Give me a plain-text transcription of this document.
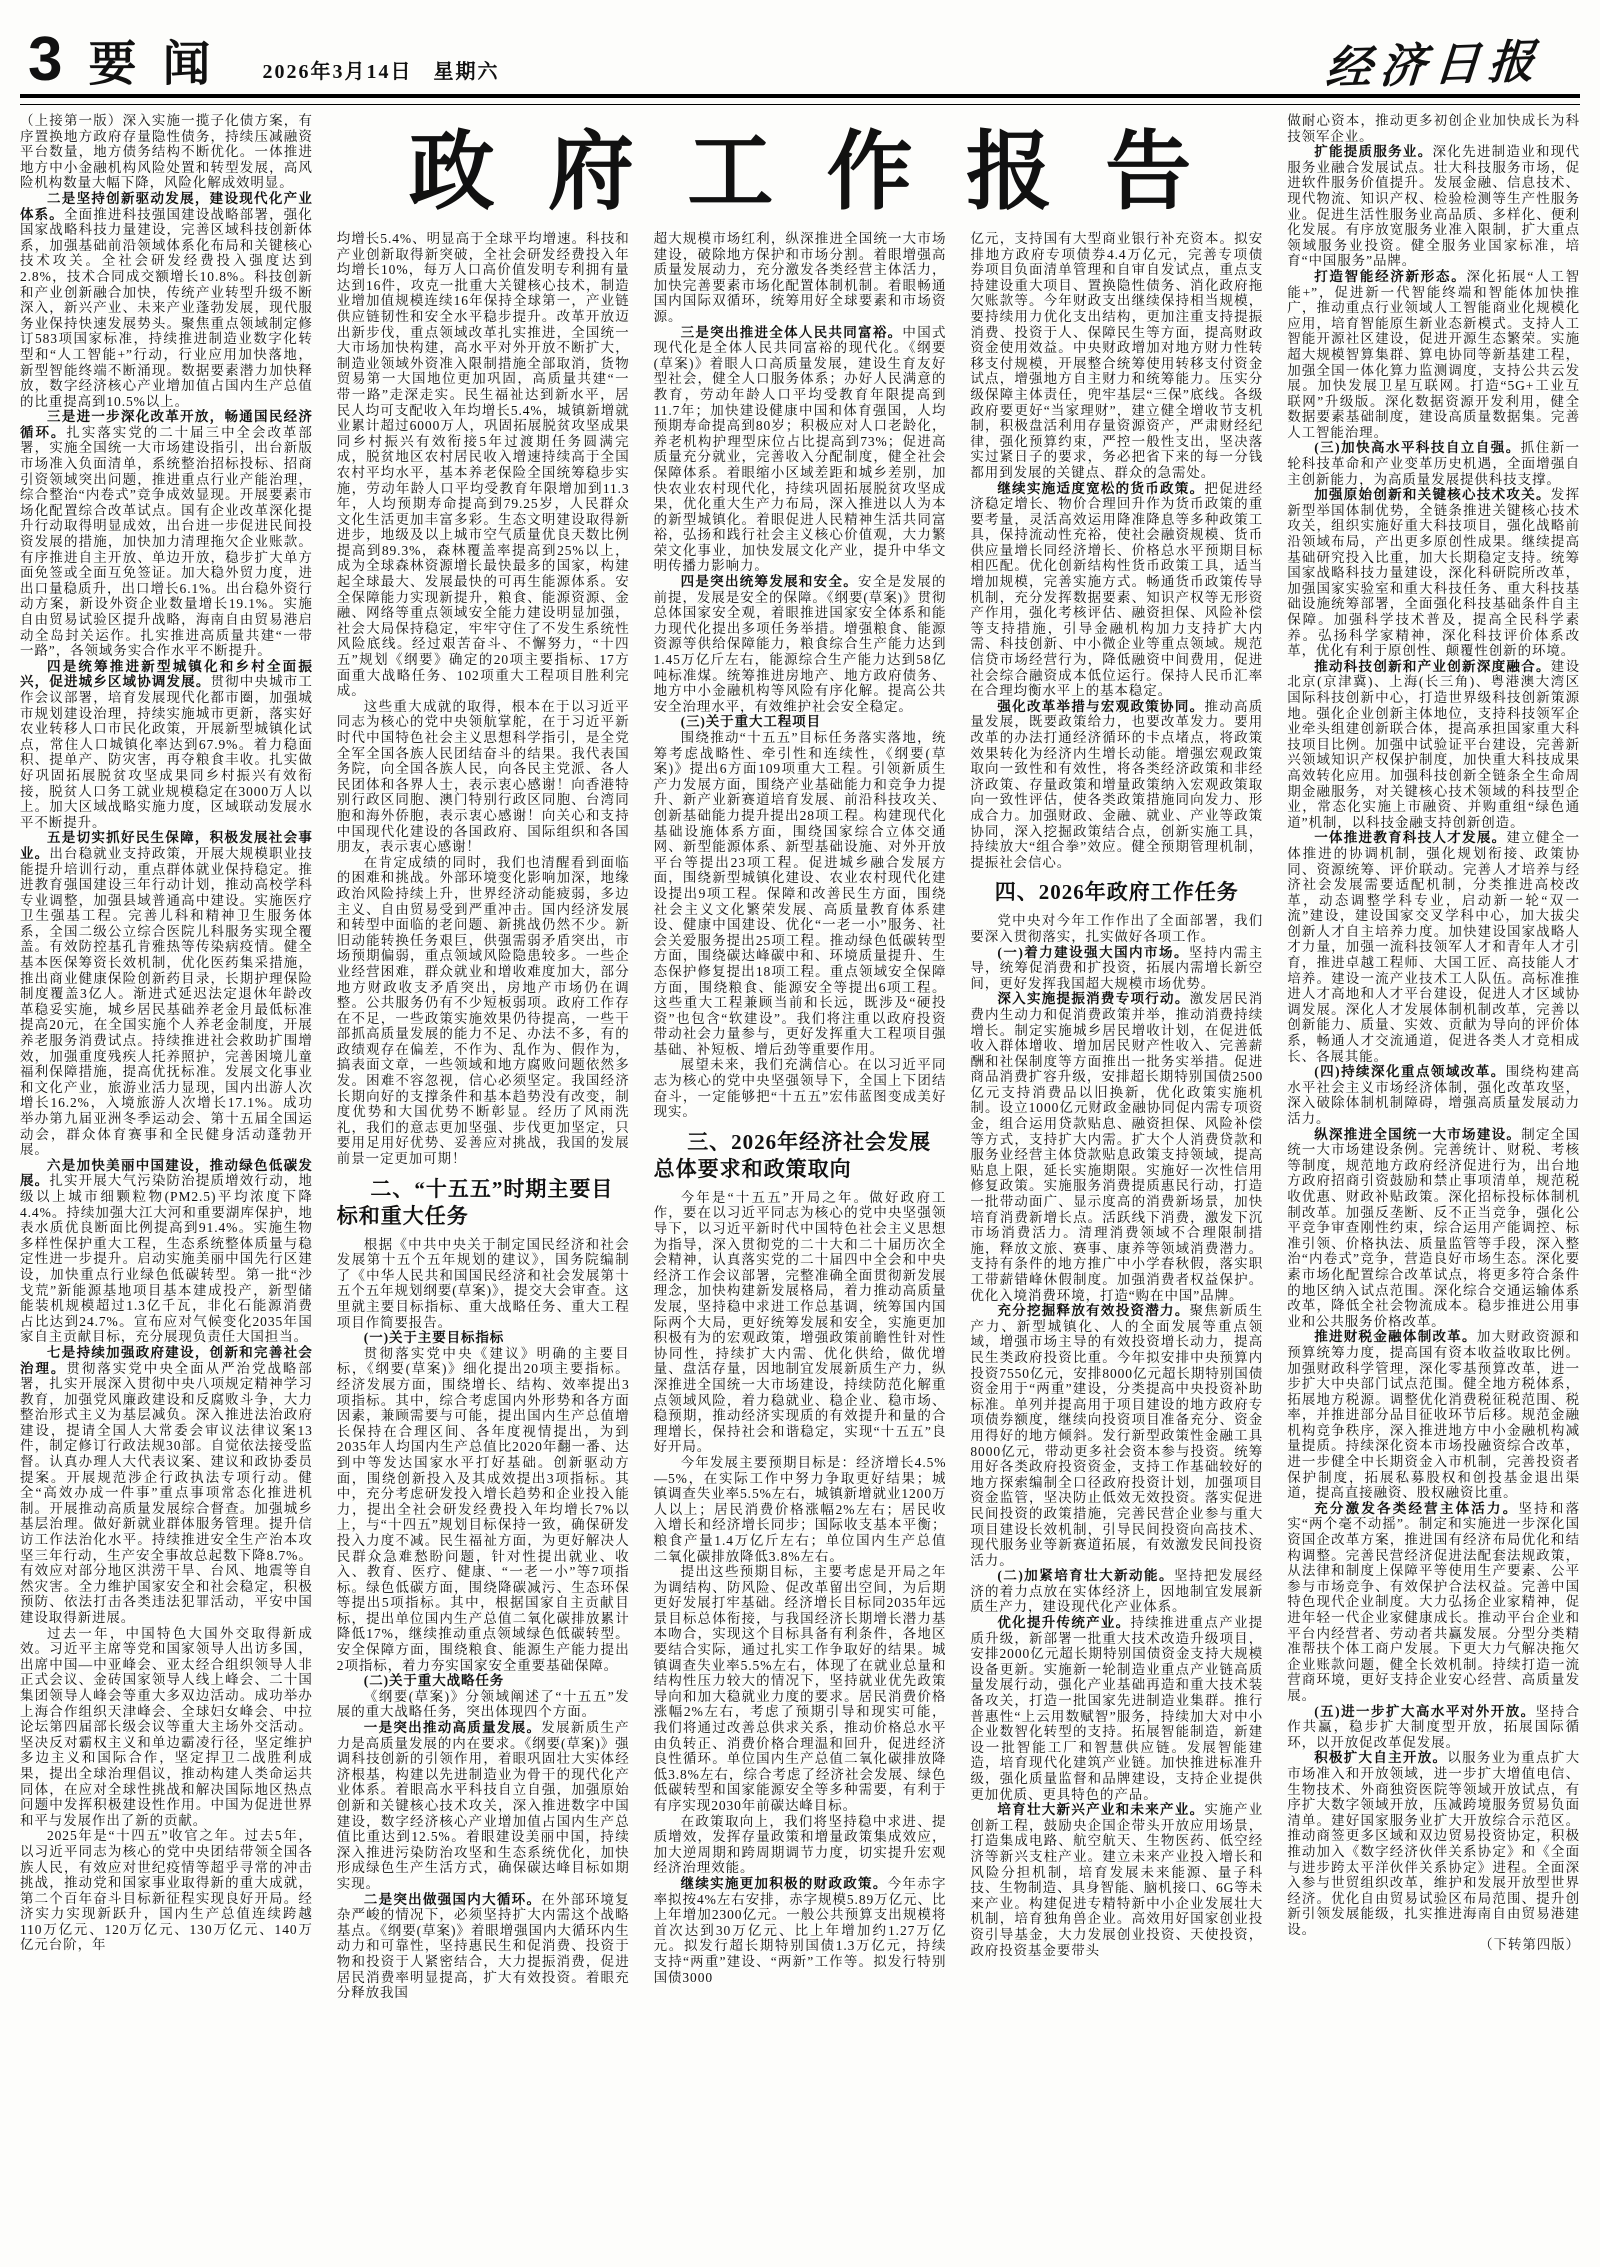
3 要闻 2026年3月14日 星期六	经济日报

（上接第一版）深入实施一揽子化债方案，有序置换地方政府存量隐性债务，持续压减融资平台数量，地方债务结构不断优化。一体推进地方中小金融机构风险处置和转型发展，高风险机构数量大幅下降，风险化解成效明显。

二是坚持创新驱动发展，建设现代化产业体系。全面推进科技强国建设战略部署，强化国家战略科技力量建设，完善区域科技创新体系，加强基础前沿领域体系化布局和关键核心技术攻关。全社会研发经费投入强度达到2.8%，技术合同成交额增长10.8%。科技创新和产业创新融合加快，传统产业转型升级不断深入，新兴产业、未来产业蓬勃发展，现代服务业保持快速发展势头。聚焦重点领域制定修订583项国家标准，持续推进制造业数字化转型和“人工智能+”行动，行业应用加快落地，新型智能终端不断涌现。数据要素潜力加快释放，数字经济核心产业增加值占国内生产总值的比重提高到10.5%以上。

三是进一步深化改革开放，畅通国民经济循环。扎实落实党的二十届三中全会改革部署，实施全国统一大市场建设指引，出台新版市场准入负面清单，系统整治招标投标、招商引资领域突出问题，推进重点行业产能治理，综合整治“内卷式”竞争成效显现。开展要素市场化配置综合改革试点。国有企业改革深化提升行动取得明显成效，出台进一步促进民间投资发展的措施，加快加力清理拖欠企业账款。有序推进自主开放、单边开放，稳步扩大单方面免签或全面互免签证。加大稳外贸力度，进出口量稳质升，出口增长6.1%。出台稳外资行动方案，新设外资企业数量增长19.1%。实施自由贸易试验区提升战略，海南自由贸易港启动全岛封关运作。扎实推进高质量共建“一带一路”，各领域务实合作水平不断提升。

四是统筹推进新型城镇化和乡村全面振兴，促进城乡区域协调发展。贯彻中央城市工作会议部署，培育发展现代化都市圈，加强城市规划建设治理，持续实施城市更新，落实好农业转移人口市民化政策，开展新型城镇化试点，常住人口城镇化率达到67.9%。着力稳面积、提单产、防灾害，再夺粮食丰收。扎实做好巩固拓展脱贫攻坚成果同乡村振兴有效衔接，脱贫人口务工就业规模稳定在3000万人以上。加大区域战略实施力度，区域联动发展水平不断提升。

五是切实抓好民生保障，积极发展社会事业。出台稳就业支持政策，开展大规模职业技能提升培训行动，重点群体就业保持稳定。推进教育强国建设三年行动计划，推动高校学科专业调整，加强县域普通高中建设。实施医疗卫生强基工程。完善儿科和精神卫生服务体系，全国二级公立综合医院儿科服务实现全覆盖。有效防控基孔肯雅热等传染病疫情。健全基本医保筹资长效机制，优化医药集采措施，推出商业健康保险创新药目录，长期护理保险制度覆盖3亿人。渐进式延迟法定退休年龄改革稳妥实施，城乡居民基础养老金月最低标准提高20元，在全国实施个人养老金制度，开展养老服务消费试点。持续推进社会救助扩围增效，加强重度残疾人托养照护，完善困境儿童福利保障措施，提高优抚标准。发展文化事业和文化产业，旅游业活力显现，国内出游人次增长16.2%，入境旅游人次增长17.1%。成功举办第九届亚洲冬季运动会、第十五届全国运动会，群众体育赛事和全民健身活动蓬勃开展。

六是加快美丽中国建设，推动绿色低碳发展。扎实开展大气污染防治提质增效行动，地级以上城市细颗粒物(PM2.5)平均浓度下降4.4%。持续加强大江大河和重要湖库保护，地表水质优良断面比例提高到91.4%。实施生物多样性保护重大工程，生态系统整体质量与稳定性进一步提升。启动实施美丽中国先行区建设，加快重点行业绿色低碳转型。第一批“沙戈荒”新能源基地项目基本建成投产，新型储能装机规模超过1.3亿千瓦，非化石能源消费占比达到24.7%。宣布应对气候变化2035年国家自主贡献目标，充分展现负责任大国担当。

七是持续加强政府建设，创新和完善社会治理。贯彻落实党中央全面从严治党战略部署，扎实开展深入贯彻中央八项规定精神学习教育，加强党风廉政建设和反腐败斗争，大力整治形式主义为基层减负。深入推进法治政府建设，提请全国人大常委会审议法律议案13件，制定修订行政法规30部。自觉依法接受监督。认真办理人大代表议案、建议和政协委员提案。开展规范涉企行政执法专项行动。健全“高效办成一件事”重点事项常态化推进机制。开展推动高质量发展综合督查。加强城乡基层治理。做好新就业群体服务管理。提升信访工作法治化水平。持续推进安全生产治本攻坚三年行动，生产安全事故总起数下降8.7%。有效应对部分地区洪涝干旱、台风、地震等自然灾害。全力维护国家安全和社会稳定，积极预防、依法打击各类违法犯罪活动，平安中国建设取得新进展。

过去一年，中国特色大国外交取得新成效。习近平主席等党和国家领导人出访多国，出席中国—中亚峰会、亚太经合组织领导人非正式会议、金砖国家领导人线上峰会、二十国集团领导人峰会等重大多双边活动。成功举办上海合作组织天津峰会、全球妇女峰会、中拉论坛第四届部长级会议等重大主场外交活动。坚决反对霸权主义和单边霸凌行径，坚定维护多边主义和国际合作，坚定捍卫二战胜利成果，提出全球治理倡议，推动构建人类命运共同体，在应对全球性挑战和解决国际地区热点问题中发挥积极建设性作用。中国为促进世界和平与发展作出了新的贡献。

2025年是“十四五”收官之年。过去5年，以习近平同志为核心的党中央团结带领全国各族人民，有效应对世纪疫情等超乎寻常的冲击挑战，推动党和国家事业取得新的重大成就，第二个百年奋斗目标新征程实现良好开局。经济实力实现新跃升，国内生产总值连续跨越110万亿元、120万亿元、130万亿元、140万亿元台阶，年

政府工作报告

均增长5.4%、明显高于全球平均增速。科技和产业创新取得新突破，全社会研发经费投入年均增长10%，每万人口高价值发明专利拥有量达到16件，攻克一批重大关键核心技术，制造业增加值规模连续16年保持全球第一，产业链供应链韧性和安全水平稳步提升。改革开放迈出新步伐，重点领域改革扎实推进，全国统一大市场加快构建，高水平对外开放不断扩大，制造业领域外资准入限制措施全部取消，货物贸易第一大国地位更加巩固，高质量共建“一带一路”走深走实。民生福祉达到新水平，居民人均可支配收入年均增长5.4%，城镇新增就业累计超过6000万人，巩固拓展脱贫攻坚成果同乡村振兴有效衔接5年过渡期任务圆满完成，脱贫地区农村居民收入增速持续高于全国农村平均水平，基本养老保险全国统筹稳步实施，劳动年龄人口平均受教育年限增加到11.3年，人均预期寿命提高到79.25岁，人民群众文化生活更加丰富多彩。生态文明建设取得新进步，地级及以上城市空气质量优良天数比例提高到89.3%，森林覆盖率提高到25%以上，成为全球森林资源增长最快最多的国家，构建起全球最大、发展最快的可再生能源体系。安全保障能力实现新提升，粮食、能源资源、金融、网络等重点领域安全能力建设明显加强，社会大局保持稳定，牢牢守住了不发生系统性风险底线。经过艰苦奋斗、不懈努力，“十四五”规划《纲要》确定的20项主要指标、17方面重大战略任务、102项重大工程项目胜利完成。

这些重大成就的取得，根本在于以习近平同志为核心的党中央领航掌舵，在于习近平新时代中国特色社会主义思想科学指引，是全党全军全国各族人民团结奋斗的结果。我代表国务院，向全国各族人民，向各民主党派、各人民团体和各界人士，表示衷心感谢！向香港特别行政区同胞、澳门特别行政区同胞、台湾同胞和海外侨胞，表示衷心感谢！向关心和支持中国现代化建设的各国政府、国际组织和各国朋友，表示衷心感谢！

在肯定成绩的同时，我们也清醒看到面临的困难和挑战。外部环境变化影响加深，地缘政治风险持续上升，世界经济动能疲弱，多边主义、自由贸易受到严重冲击。国内经济发展和转型中面临的老问题、新挑战仍然不少。新旧动能转换任务艰巨，供强需弱矛盾突出，市场预期偏弱，重点领域风险隐患较多。一些企业经营困难，群众就业和增收难度加大，部分地方财政收支矛盾突出，房地产市场仍在调整。公共服务仍有不少短板弱项。政府工作存在不足，一些政策实施效果仍待提高，一些干部抓高质量发展的能力不足、办法不多，有的政绩观存在偏差，不作为、乱作为、假作为，搞表面文章，一些领域和地方腐败问题依然多发。困难不容忽视，信心必须坚定。我国经济长期向好的支撑条件和基本趋势没有改变，制度优势和大国优势不断彰显。经历了风雨洗礼，我们的意志更加坚强、步伐更加坚定，只要用足用好优势、妥善应对挑战，我国的发展前景一定更加可期！

二、“十五五”时期主要目标和重大任务

根据《中共中央关于制定国民经济和社会发展第十五个五年规划的建议》，国务院编制了《中华人民共和国国民经济和社会发展第十五个五年规划纲要(草案)》，提交大会审查。这里就主要目标指标、重大战略任务、重大工程项目作简要报告。

(一)关于主要目标指标

贯彻落实党中央《建议》明确的主要目标，《纲要(草案)》细化提出20项主要指标。经济发展方面，围绕增长、结构、效率提出3项指标。其中，综合考虑国内外形势和各方面因素，兼顾需要与可能，提出国内生产总值增长保持在合理区间、各年度视情提出，为到2035年人均国内生产总值比2020年翻一番、达到中等发达国家水平打好基础。创新驱动方面，围绕创新投入及其成效提出3项指标。其中，充分考虑研发投入增长趋势和企业投入能力，提出全社会研发经费投入年均增长7%以上，与“十四五”规划目标保持一致，确保研发投入力度不减。民生福祉方面，为更好解决人民群众急难愁盼问题，针对性提出就业、收入、教育、医疗、健康、“一老一小”等7项指标。绿色低碳方面，围绕降碳减污、生态环保等提出5项指标。其中，根据国家自主贡献目标，提出单位国内生产总值二氧化碳排放累计降低17%，继续推动重点领域绿色低碳转型。安全保障方面，围绕粮食、能源生产能力提出2项指标，着力夯实国家安全重要基础保障。

(二)关于重大战略任务

《纲要(草案)》分领域阐述了“十五五”发展的重大战略任务，突出体现四个方面。

一是突出推动高质量发展。发展新质生产力是高质量发展的内在要求。《纲要(草案)》强调科技创新的引领作用，着眼巩固壮大实体经济根基，构建以先进制造业为骨干的现代化产业体系。着眼高水平科技自立自强，加强原始创新和关键核心技术攻关，深入推进数字中国建设，数字经济核心产业增加值占国内生产总值比重达到12.5%。着眼建设美丽中国，持续深入推进污染防治攻坚和生态系统优化，加快形成绿色生产生活方式，确保碳达峰目标如期实现。

二是突出做强国内大循环。在外部环境复杂严峻的情况下，必须坚持扩大内需这个战略基点。《纲要(草案)》着眼增强国内大循环内生动力和可靠性，坚持惠民生和促消费、投资于物和投资于人紧密结合，大力提振消费，促进居民消费率明显提高，扩大有效投资。着眼充分释放我国

超大规模市场红利，纵深推进全国统一大市场建设，破除地方保护和市场分割。着眼增强高质量发展动力，充分激发各类经营主体活力，加快完善要素市场化配置体制机制。着眼畅通国内国际双循环，统筹用好全球要素和市场资源。

三是突出推进全体人民共同富裕。中国式现代化是全体人民共同富裕的现代化。《纲要(草案)》着眼人口高质量发展，建设生育友好型社会，健全人口服务体系；办好人民满意的教育，劳动年龄人口平均受教育年限提高到11.7年；加快建设健康中国和体育强国，人均预期寿命提高到80岁；积极应对人口老龄化，养老机构护理型床位占比提高到73%；促进高质量充分就业，完善收入分配制度，健全社会保障体系。着眼缩小区域差距和城乡差别，加快农业农村现代化，持续巩固拓展脱贫攻坚成果，优化重大生产力布局，深入推进以人为本的新型城镇化。着眼促进人民精神生活共同富裕，弘扬和践行社会主义核心价值观，大力繁荣文化事业，加快发展文化产业，提升中华文明传播力影响力。

四是突出统筹发展和安全。安全是发展的前提，发展是安全的保障。《纲要(草案)》贯彻总体国家安全观，着眼推进国家安全体系和能力现代化提出多项任务举措。增强粮食、能源资源等供给保障能力，粮食综合生产能力达到1.45万亿斤左右，能源综合生产能力达到58亿吨标准煤。统筹推进房地产、地方政府债务、地方中小金融机构等风险有序化解。提高公共安全治理水平，有效维护社会安全稳定。

(三)关于重大工程项目

围绕推动“十五五”目标任务落实落地，统筹考虑战略性、牵引性和连续性，《纲要(草案)》提出6方面109项重大工程。引领新质生产力发展方面，围绕产业基础能力和竞争力提升、新产业新赛道培育发展、前沿科技攻关、创新基础能力提升提出28项工程。构建现代化基础设施体系方面，围绕国家综合立体交通网、新型能源体系、新型基础设施、对外开放平台等提出23项工程。促进城乡融合发展方面，围绕新型城镇化建设、农业农村现代化建设提出9项工程。保障和改善民生方面，围绕社会主义文化繁荣发展、高质量教育体系建设、健康中国建设、优化“一老一小”服务、社会关爱服务提出25项工程。推动绿色低碳转型方面，围绕碳达峰碳中和、环境质量提升、生态保护修复提出18项工程。重点领域安全保障方面，围绕粮食、能源安全等提出6项工程。这些重大工程兼顾当前和长远，既涉及“硬投资”也包含“软建设”。我们将注重以政府投资带动社会力量参与，更好发挥重大工程项目强基础、补短板、增后劲等重要作用。

展望未来，我们充满信心。在以习近平同志为核心的党中央坚强领导下，全国上下团结奋斗，一定能够把“十五五”宏伟蓝图变成美好现实。

三、2026年经济社会发展总体要求和政策取向

今年是“十五五”开局之年。做好政府工作，要在以习近平同志为核心的党中央坚强领导下，以习近平新时代中国特色社会主义思想为指导，深入贯彻党的二十大和二十届历次全会精神，认真落实党的二十届四中全会和中央经济工作会议部署，完整准确全面贯彻新发展理念，加快构建新发展格局，着力推动高质量发展，坚持稳中求进工作总基调，统筹国内国际两个大局，更好统筹发展和安全，实施更加积极有为的宏观政策，增强政策前瞻性针对性协同性，持续扩大内需、优化供给，做优增量、盘活存量，因地制宜发展新质生产力，纵深推进全国统一大市场建设，持续防范化解重点领域风险，着力稳就业、稳企业、稳市场、稳预期，推动经济实现质的有效提升和量的合理增长，保持社会和谐稳定，实现“十五五”良好开局。

今年发展主要预期目标是：经济增长4.5%—5%，在实际工作中努力争取更好结果；城镇调查失业率5.5%左右，城镇新增就业1200万人以上；居民消费价格涨幅2%左右；居民收入增长和经济增长同步；国际收支基本平衡；粮食产量1.4万亿斤左右；单位国内生产总值二氧化碳排放降低3.8%左右。

提出这些预期目标，主要考虑是开局之年为调结构、防风险、促改革留出空间，为后期更好发展打牢基础。经济增长目标同2035年远景目标总体衔接，与我国经济长期增长潜力基本吻合，实现这个目标具备有利条件，各地区要结合实际，通过扎实工作争取好的结果。城镇调查失业率5.5%左右，体现了在就业总量和结构性压力较大的情况下，坚持就业优先政策导向和加大稳就业力度的要求。居民消费价格涨幅2%左右，考虑了预期引导和现实可能，我们将通过改善总供求关系，推动价格总水平由负转正、消费价格合理温和回升，促进经济良性循环。单位国内生产总值二氧化碳排放降低3.8%左右，综合考虑了经济社会发展、绿色低碳转型和国家能源安全等多种需要，有利于有序实现2030年前碳达峰目标。

在政策取向上，我们将坚持稳中求进、提质增效，发挥存量政策和增量政策集成效应，加大逆周期和跨周期调节力度，切实提升宏观经济治理效能。

继续实施更加积极的财政政策。今年赤字率拟按4%左右安排，赤字规模5.89万亿元、比上年增加2300亿元。一般公共预算支出规模将首次达到30万亿元、比上年增加约1.27万亿元。拟发行超长期特别国债1.3万亿元，持续支持“两重”建设、“两新”工作等。拟发行特别国债3000

亿元，支持国有大型商业银行补充资本。拟安排地方政府专项债券4.4万亿元，完善专项债券项目负面清单管理和自审自发试点，重点支持建设重大项目、置换隐性债务、消化政府拖欠账款等。今年财政支出继续保持相当规模，要持续用力优化支出结构，更加注重支持提振消费、投资于人、保障民生等方面，提高财政资金使用效益。中央财政增加对地方财力性转移支付规模，开展整合统筹使用转移支付资金试点，增强地方自主财力和统筹能力。压实分级保障主体责任，兜牢基层“三保”底线。各级政府要更好“当家理财”，建立健全增收节支机制，积极盘活利用存量资源资产，严肃财经纪律，强化预算约束，严控一般性支出，坚决落实过紧日子的要求，务必把省下来的每一分钱都用到发展的关键点、群众的急需处。

继续实施适度宽松的货币政策。把促进经济稳定增长、物价合理回升作为货币政策的重要考量，灵活高效运用降准降息等多种政策工具，保持流动性充裕，使社会融资规模、货币供应量增长同经济增长、价格总水平预期目标相匹配。优化创新结构性货币政策工具，适当增加规模，完善实施方式。畅通货币政策传导机制，充分发挥数据要素、知识产权等无形资产作用，强化考核评估、融资担保、风险补偿等支持措施，引导金融机构加力支持扩大内需、科技创新、中小微企业等重点领域。规范信贷市场经营行为，降低融资中间费用，促进社会综合融资成本低位运行。保持人民币汇率在合理均衡水平上的基本稳定。

强化改革举措与宏观政策协同。推动高质量发展，既要政策给力，也要改革发力。要用改革的办法打通经济循环的卡点堵点，将政策效果转化为经济内生增长动能。增强宏观政策取向一致性和有效性，将各类经济政策和非经济政策、存量政策和增量政策纳入宏观政策取向一致性评估，使各类政策措施同向发力、形成合力。加强财政、金融、就业、产业等政策协同，深入挖掘政策结合点，创新实施工具，持续放大“组合拳”效应。健全预期管理机制，提振社会信心。

四、2026年政府工作任务

党中央对今年工作作出了全面部署，我们要深入贯彻落实，扎实做好各项工作。

(一)着力建设强大国内市场。坚持内需主导，统筹促消费和扩投资，拓展内需增长新空间，更好发挥我国超大规模市场优势。

深入实施提振消费专项行动。激发居民消费内生动力和促消费政策并举，推动消费持续增长。制定实施城乡居民增收计划，在促进低收入群体增收、增加居民财产性收入、完善薪酬和社保制度等方面推出一批务实举措。促进商品消费扩容升级，安排超长期特别国债2500亿元支持消费品以旧换新，优化政策实施机制。设立1000亿元财政金融协同促内需专项资金，组合运用贷款贴息、融资担保、风险补偿等方式，支持扩大内需。扩大个人消费贷款和服务业经营主体贷款贴息政策支持领域，提高贴息上限，延长实施期限。实施好一次性信用修复政策。实施服务消费提质惠民行动，打造一批带动面广、显示度高的消费新场景，加快培育消费新增长点。活跃线下消费，激发下沉市场消费活力。清理消费领域不合理限制措施，释放文旅、赛事、康养等领域消费潜力。支持有条件的地方推广中小学春秋假，落实职工带薪错峰休假制度。加强消费者权益保护。优化入境消费环境，打造“购在中国”品牌。

充分挖掘释放有效投资潜力。聚焦新质生产力、新型城镇化、人的全面发展等重点领域，增强市场主导的有效投资增长动力，提高民生类政府投资比重。今年拟安排中央预算内投资7550亿元，安排8000亿元超长期特别国债资金用于“两重”建设，分类提高中央投资补助标准。单列并提高用于项目建设的地方政府专项债券额度，继续向投资项目准备充分、资金用得好的地方倾斜。发行新型政策性金融工具8000亿元，带动更多社会资本参与投资。统筹用好各类政府投资资金，支持工作基础较好的地方探索编制全口径政府投资计划，加强项目资金监管，坚决防止低效无效投资。落实促进民间投资的政策措施，完善民营企业参与重大项目建设长效机制，引导民间投资向高技术、现代服务业等新赛道拓展，有效激发民间投资活力。

(二)加紧培育壮大新动能。坚持把发展经济的着力点放在实体经济上，因地制宜发展新质生产力，建设现代化产业体系。

优化提升传统产业。持续推进重点产业提质升级，新部署一批重大技术改造升级项目，安排2000亿元超长期特别国债资金支持大规模设备更新。实施新一轮制造业重点产业链高质量发展行动，强化产业基础再造和重大技术装备攻关，打造一批国家先进制造业集群。推行普惠性“上云用数赋智”服务，持续加大对中小企业数智化转型的支持。拓展智能制造，新建设一批智能工厂和智慧供应链。发展智能建造，培育现代化建筑产业链。加快推进标准升级，强化质量监督和品牌建设，支持企业提供更加优质、更具特色的产品。

培育壮大新兴产业和未来产业。实施产业创新工程，鼓励央企国企带头开放应用场景，打造集成电路、航空航天、生物医药、低空经济等新兴支柱产业。建立未来产业投入增长和风险分担机制，培育发展未来能源、量子科技、生物制造、具身智能、脑机接口、6G等未来产业。构建促进专精特新中小企业发展壮大机制，培育独角兽企业。高效用好国家创业投资引导基金，大力发展创业投资、天使投资，政府投资基金要带头

做耐心资本，推动更多初创企业加快成长为科技领军企业。

扩能提质服务业。深化先进制造业和现代服务业融合发展试点。壮大科技服务市场，促进软件服务价值提升。发展金融、信息技术、现代物流、知识产权、检验检测等生产性服务业。促进生活性服务业高品质、多样化、便利化发展。有序放宽服务业准入限制，扩大重点领域服务业投资。健全服务业国家标准，培育“中国服务”品牌。

打造智能经济新形态。深化拓展“人工智能+”，促进新一代智能终端和智能体加快推广，推动重点行业领域人工智能商业化规模化应用，培育智能原生新业态新模式。支持人工智能开源社区建设，促进开源生态繁荣。实施超大规模智算集群、算电协同等新基建工程，加强全国一体化算力监测调度，支持公共云发展。加快发展卫星互联网。打造“5G+工业互联网”升级版。深化数据资源开发利用，健全数据要素基础制度，建设高质量数据集。完善人工智能治理。

(三)加快高水平科技自立自强。抓住新一轮科技革命和产业变革历史机遇，全面增强自主创新能力，为高质量发展提供科技支撑。

加强原始创新和关键核心技术攻关。发挥新型举国体制优势，全链条推进关键核心技术攻关，组织实施好重大科技项目，强化战略前沿领域布局，产出更多原创性成果。继续提高基础研究投入比重，加大长期稳定支持。统筹国家战略科技力量建设，深化科研院所改革，加强国家实验室和重大科技任务、重大科技基础设施统筹部署，全面强化科技基础条件自主保障。加强科学技术普及，提高全民科学素养。弘扬科学家精神，深化科技评价体系改革，优化有利于原创性、颠覆性创新的环境。

推动科技创新和产业创新深度融合。建设北京(京津冀)、上海(长三角)、粤港澳大湾区国际科技创新中心，打造世界级科技创新策源地。强化企业创新主体地位，支持科技领军企业牵头组建创新联合体，提高承担国家重大科技项目比例。加强中试验证平台建设，完善新兴领域知识产权保护制度，加快重大科技成果高效转化应用。加强科技创新全链条全生命周期金融服务，对关键核心技术领域的科技型企业，常态化实施上市融资、并购重组“绿色通道”机制，以科技金融支持创新创造。

一体推进教育科技人才发展。建立健全一体推进的协调机制，强化规划衔接、政策协同、资源统筹、评价联动。完善人才培养与经济社会发展需要适配机制，分类推进高校改革，动态调整学科专业，启动新一轮“双一流”建设，建设国家交叉学科中心，加大拔尖创新人才自主培养力度。加快建设国家战略人才力量，加强一流科技领军人才和青年人才引育，推进卓越工程师、大国工匠、高技能人才培养。建设一流产业技术工人队伍。高标准推进人才高地和人才平台建设，促进人才区域协调发展。深化人才发展体制机制改革，完善以创新能力、质量、实效、贡献为导向的评价体系，畅通人才交流通道，促进各类人才竞相成长、各展其能。

(四)持续深化重点领域改革。围绕构建高水平社会主义市场经济体制，强化改革攻坚，深入破除体制机制障碍，增强高质量发展动力活力。

纵深推进全国统一大市场建设。制定全国统一大市场建设条例。完善统计、财税、考核等制度，规范地方政府经济促进行为，出台地方政府招商引资鼓励和禁止事项清单，规范税收优惠、财政补贴政策。深化招标投标体制机制改革。加强反垄断、反不正当竞争，强化公平竞争审查刚性约束，综合运用产能调控、标准引领、价格执法、质量监管等手段，深入整治“内卷式”竞争，营造良好市场生态。深化要素市场化配置综合改革试点，将更多符合条件的地区纳入试点范围。深化综合交通运输体系改革，降低全社会物流成本。稳步推进公用事业和公共服务价格改革。

推进财税金融体制改革。加大财政资源和预算统筹力度，提高国有资本收益收取比例。加强财政科学管理，深化零基预算改革，进一步扩大中央部门试点范围。健全地方税体系，拓展地方税源。调整优化消费税征税范围、税率，并推进部分品目征收环节后移。规范金融机构竞争秩序，深入推进地方中小金融机构减量提质。持续深化资本市场投融资综合改革，进一步健全中长期资金入市机制，完善投资者保护制度，拓展私募股权和创投基金退出渠道，提高直接融资、股权融资比重。

充分激发各类经营主体活力。坚持和落实“两个毫不动摇”。制定和实施进一步深化国资国企改革方案，推进国有经济布局优化和结构调整。完善民营经济促进法配套法规政策，从法律和制度上保障平等使用生产要素、公平参与市场竞争、有效保护合法权益。完善中国特色现代企业制度。大力弘扬企业家精神，促进年轻一代企业家健康成长。推动平台企业和平台内经营者、劳动者共赢发展。分型分类精准帮扶个体工商户发展。下更大力气解决拖欠企业账款问题，健全长效机制。持续打造一流营商环境，更好支持企业安心经营、高质量发展。

(五)进一步扩大高水平对外开放。坚持合作共赢，稳步扩大制度型开放，拓展国际循环，以开放促改革促发展。

积极扩大自主开放。以服务业为重点扩大市场准入和开放领域，进一步扩大增值电信、生物技术、外商独资医院等领域开放试点，有序扩大数字领域开放，压减跨境服务贸易负面清单。建好国家服务业扩大开放综合示范区。推动商签更多区域和双边贸易投资协定，积极推动加入《数字经济伙伴关系协定》和《全面与进步跨太平洋伙伴关系协定》进程。全面深入参与世贸组织改革，维护和发展开放型世界经济。优化自由贸易试验区布局范围、提升创新引领发展能级，扎实推进海南自由贸易港建设。

（下转第四版）
